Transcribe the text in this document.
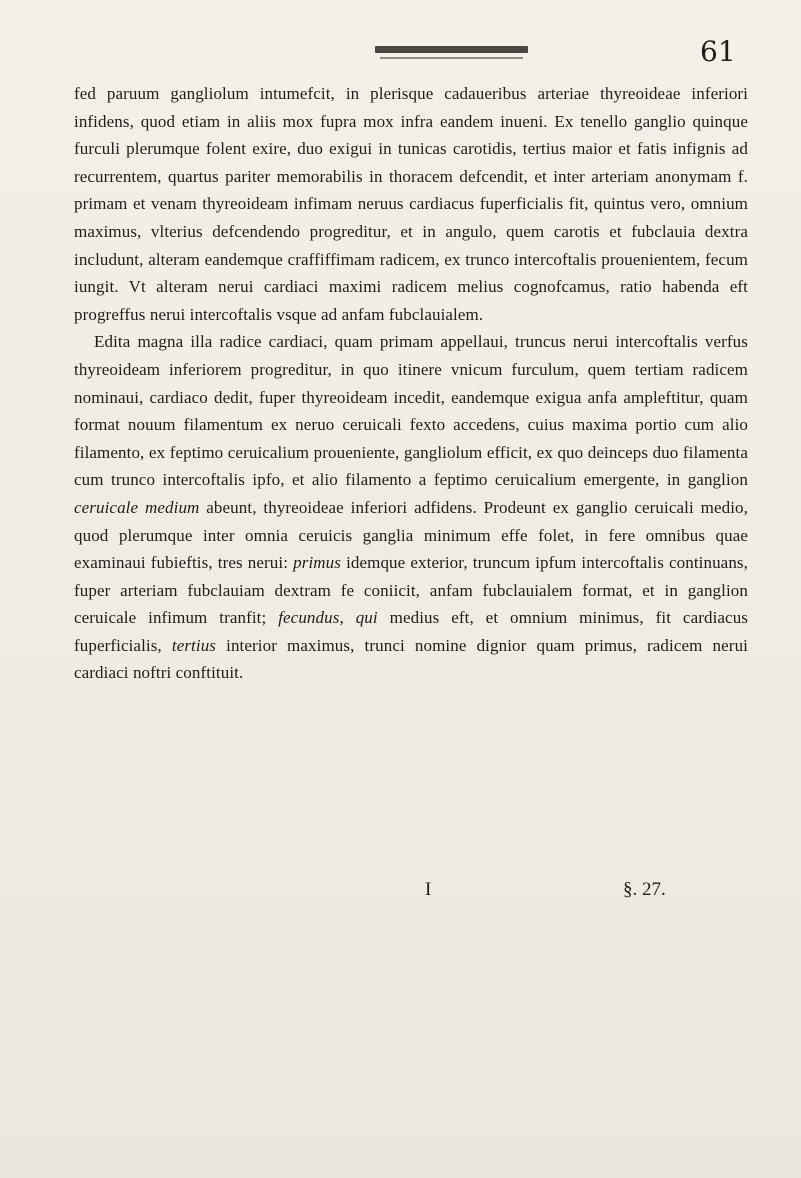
61

fed paruum gangliolum intumefcit, in plerisque cadaueribus arteriae thyreoideae inferiori infidens, quod etiam in aliis mox fupra mox infra eandem inueni. Ex tenello ganglio quinque furculi plerumque folent exire, duo exigui in tunicas carotidis, tertius maior et fatis infignis ad recurrentem, quartus pariter memorabilis in thoracem defcendit, et inter arteriam anonymam f. primam et venam thyreoideam infimam neruus cardiacus fuperficialis fit, quintus vero, omnium maximus, vlterius defcendendo progreditur, et in angulo, quem carotis et fubclauia dextra includunt, alteram eandemque craffiffimam radicem, ex trunco intercoftalis prouenientem, fecum iungit. Vt alteram nerui cardiaci maximi radicem melius cognofcamus, ratio habenda eft progreffus nerui intercoftalis vsque ad anfam fubclauialem.

Edita magna illa radice cardiaci, quam primam appellaui, truncus nerui intercoftalis verfus thyreoideam inferiorem progreditur, in quo itinere vnicum furculum, quem tertiam radicem nominaui, cardiaco dedit, fuper thyreoideam incedit, eandemque exigua anfa ampleftitur, quam format nouum filamentum ex neruo ceruicali fexto accedens, cuius maxima portio cum alio filamento, ex feptimo ceruicalium proueniente, gangliolum efficit, ex quo deinceps duo filamenta cum trunco intercoftalis ipfo, et alio filamento a feptimo ceruicalium emergente, in ganglion ceruicale medium abeunt, thyreoideae inferiori adfidens. Prodeunt ex ganglio ceruicali medio, quod plerumque inter omnia ceruicis ganglia minimum effe folet, in fere omnibus quae examinaui fubieftis, tres nerui: primus idemque exterior, truncum ipfum intercoftalis continuans, fuper arteriam fubclauiam dextram fe coniicit, anfam fubclauialem format, et in ganglion ceruicale infimum tranfit; fecundus, qui medius eft, et omnium minimus, fit cardiacus fuperficialis, tertius interior maximus, trunci nomine dignior quam primus, radicem nerui cardiaci noftri conftituit.

I	§. 27.
